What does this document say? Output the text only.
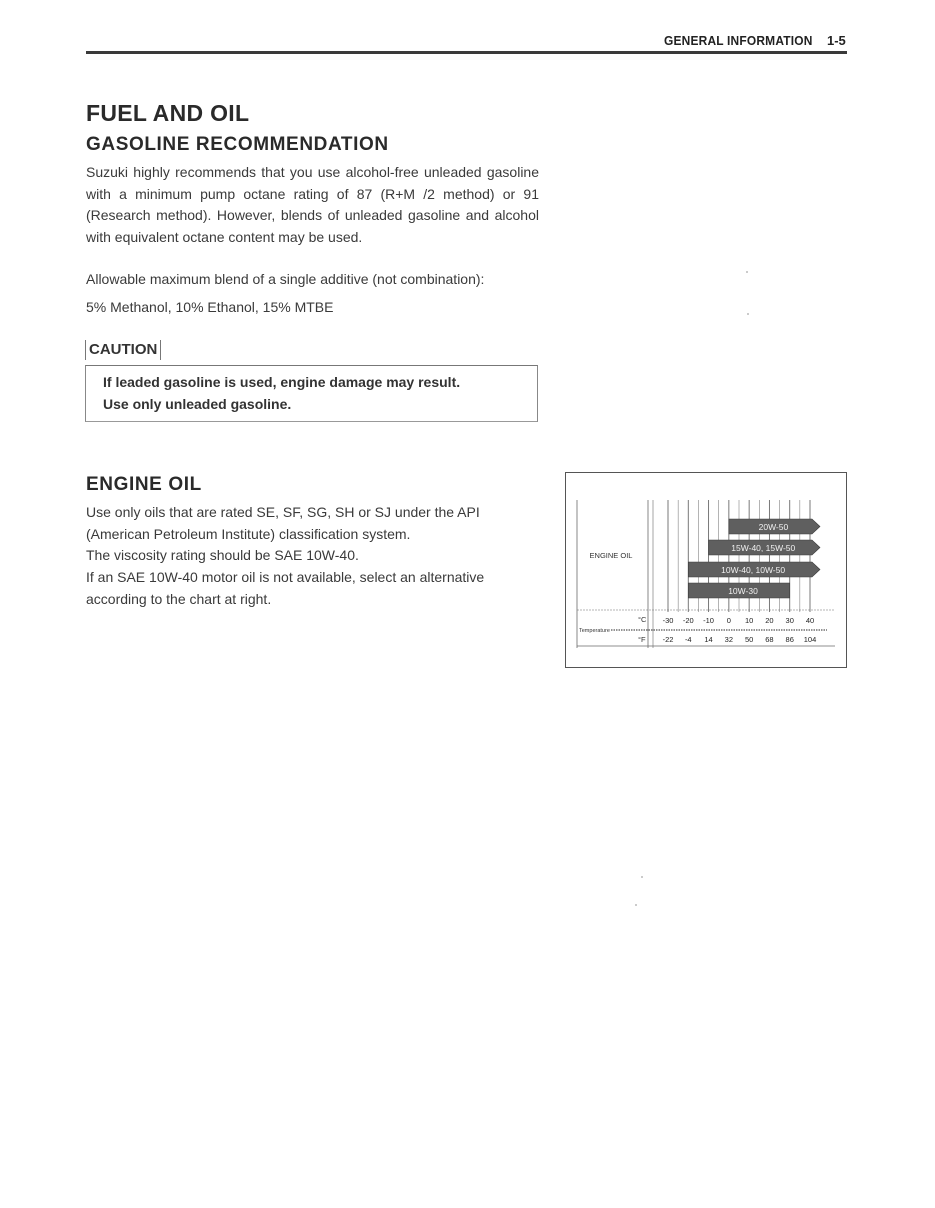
GENERAL INFORMATION 1-5
FUEL AND OIL
GASOLINE RECOMMENDATION
Suzuki highly recommends that you use alcohol-free unleaded gasoline with a minimum pump octane rating of 87 (R+M /2 method) or 91 (Research method). However, blends of unleaded gasoline and alcohol with equivalent octane content may be used.
Allowable maximum blend of a single additive (not combination):
5% Methanol, 10% Ethanol, 15% MTBE
CAUTION
If leaded gasoline is used, engine damage may result.
Use only unleaded gasoline.
ENGINE OIL
Use only oils that are rated SE, SF, SG, SH or SJ under the API (American Petroleum Institute) classification system.
The viscosity rating should be SAE 10W-40.
If an SAE 10W-40 motor oil is not available, select an alternative according to the chart at right.
ENGINE OIL
20W-50
15W-40, 15W-50
10W-40, 10W-50
10W-30
°C
°F
Temperature
-30 -20 -10 0 10 20 30 40
-22 -4 14 32 50 68 86 104
